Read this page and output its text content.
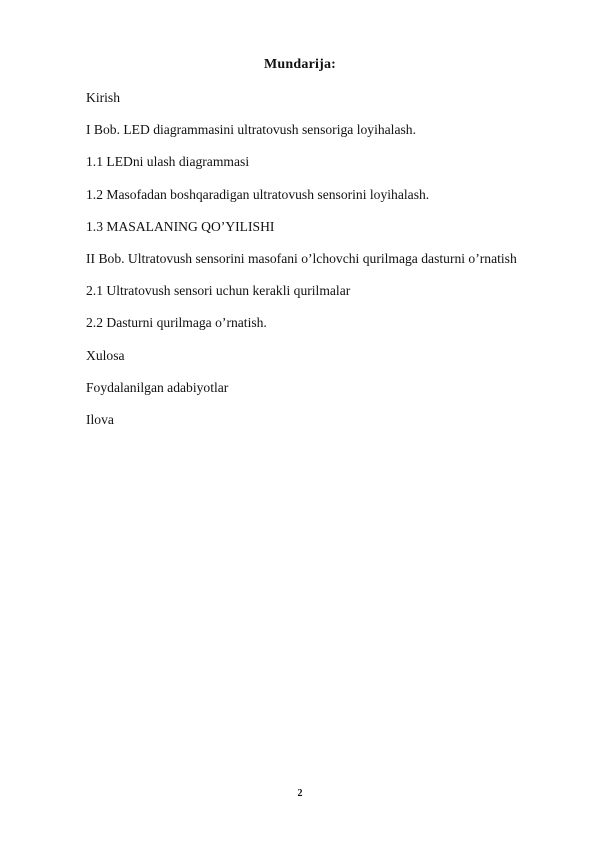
Mundarija:
Kirish
I Bob. LED diagrammasini ultratovush sensoriga loyihalash.
1.1 LEDni ulash diagrammasi
1.2 Masofadan boshqaradigan ultratovush sensorini loyihalash.
1.3 MASALANING QO’YILISHI
II Bob. Ultratovush sensorini masofani o’lchovchi qurilmaga dasturni o’rnatish
2.1 Ultratovush sensori uchun kerakli qurilmalar
2.2 Dasturni qurilmaga o’rnatish.
Xulosa
Foydalanilgan adabiyotlar
Ilova
2
